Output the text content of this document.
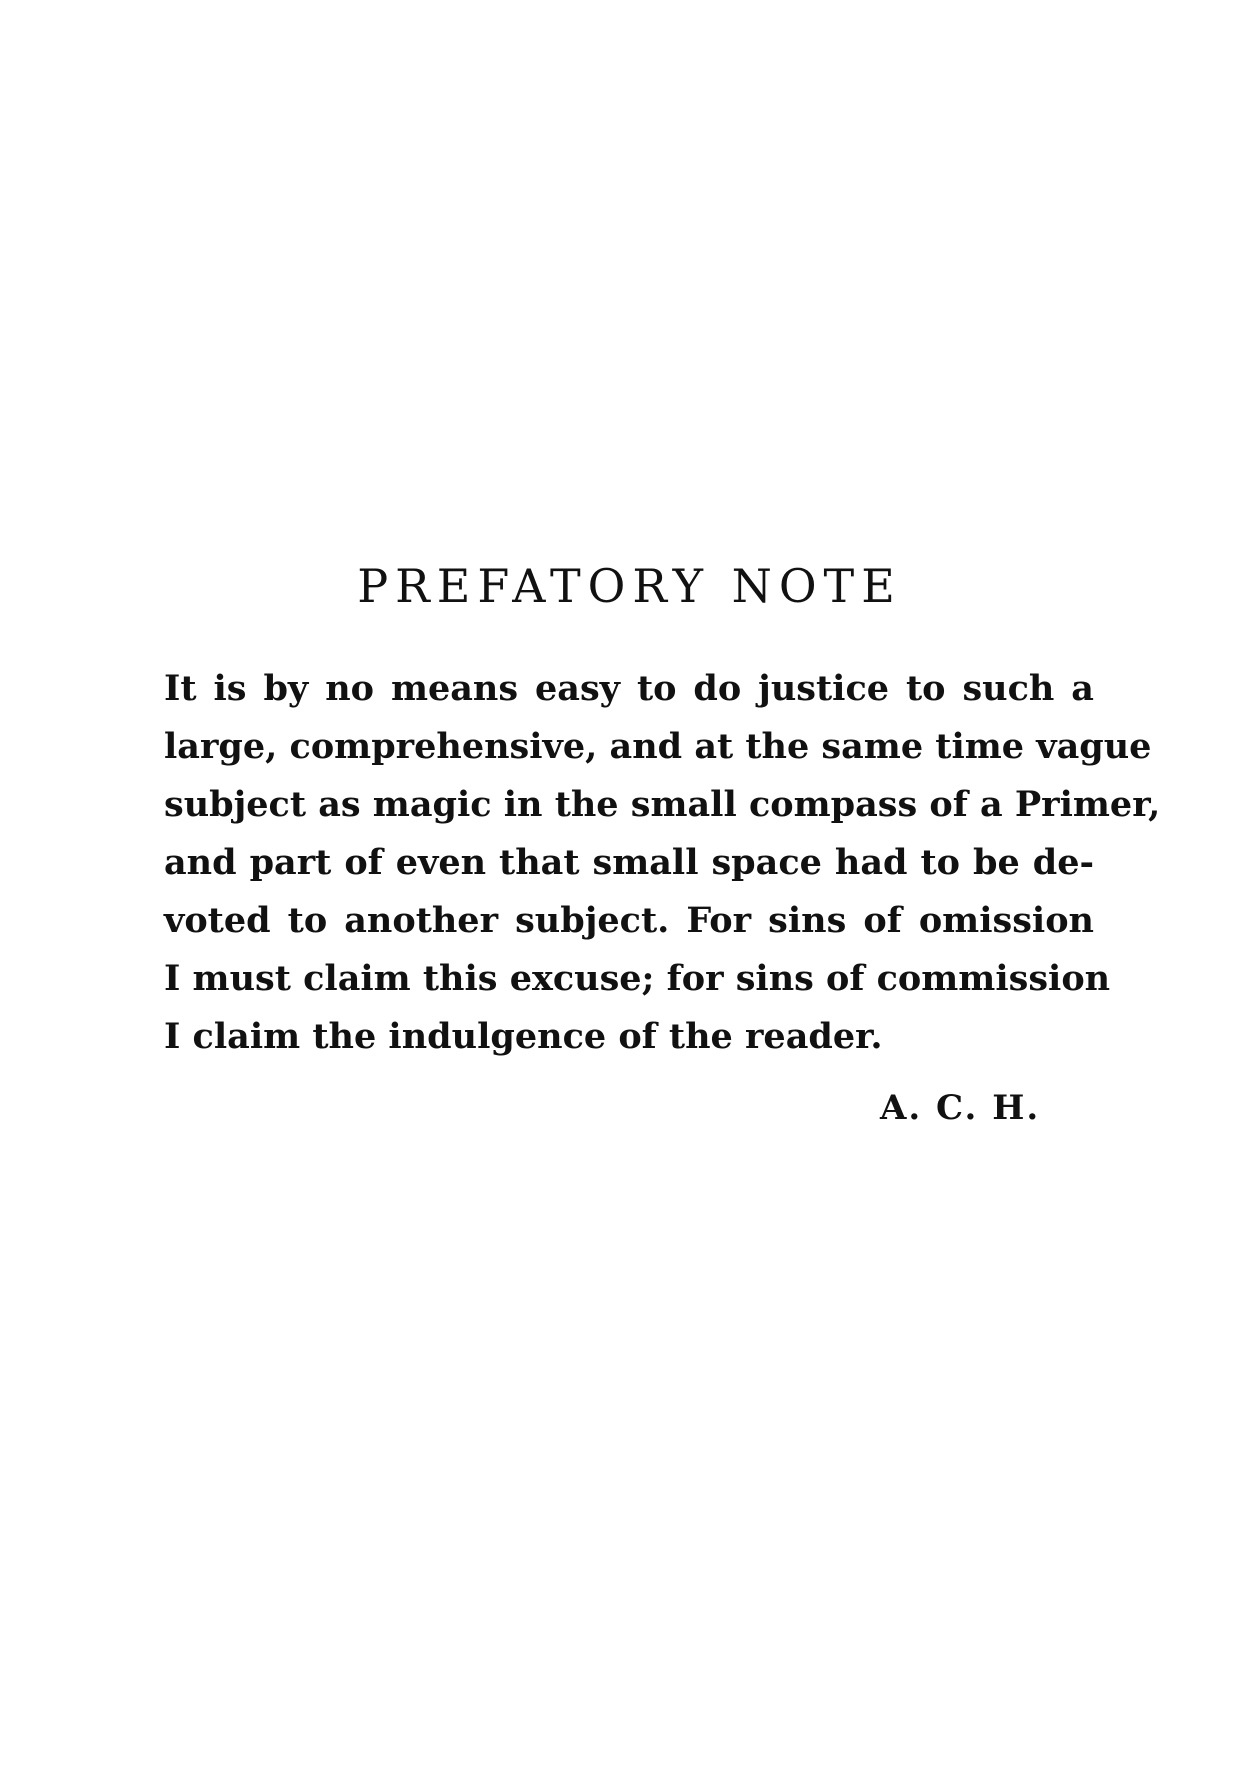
PREFATORY NOTE
It is by no means easy to do justice to such a
large, comprehensive, and at the same time vague
subject as magic in the small compass of a Primer,
and part of even that small space had to be de-
voted to another subject. For sins of omission
I must claim this excuse; for sins of commission
I claim the indulgence of the reader.
A. C. H.
